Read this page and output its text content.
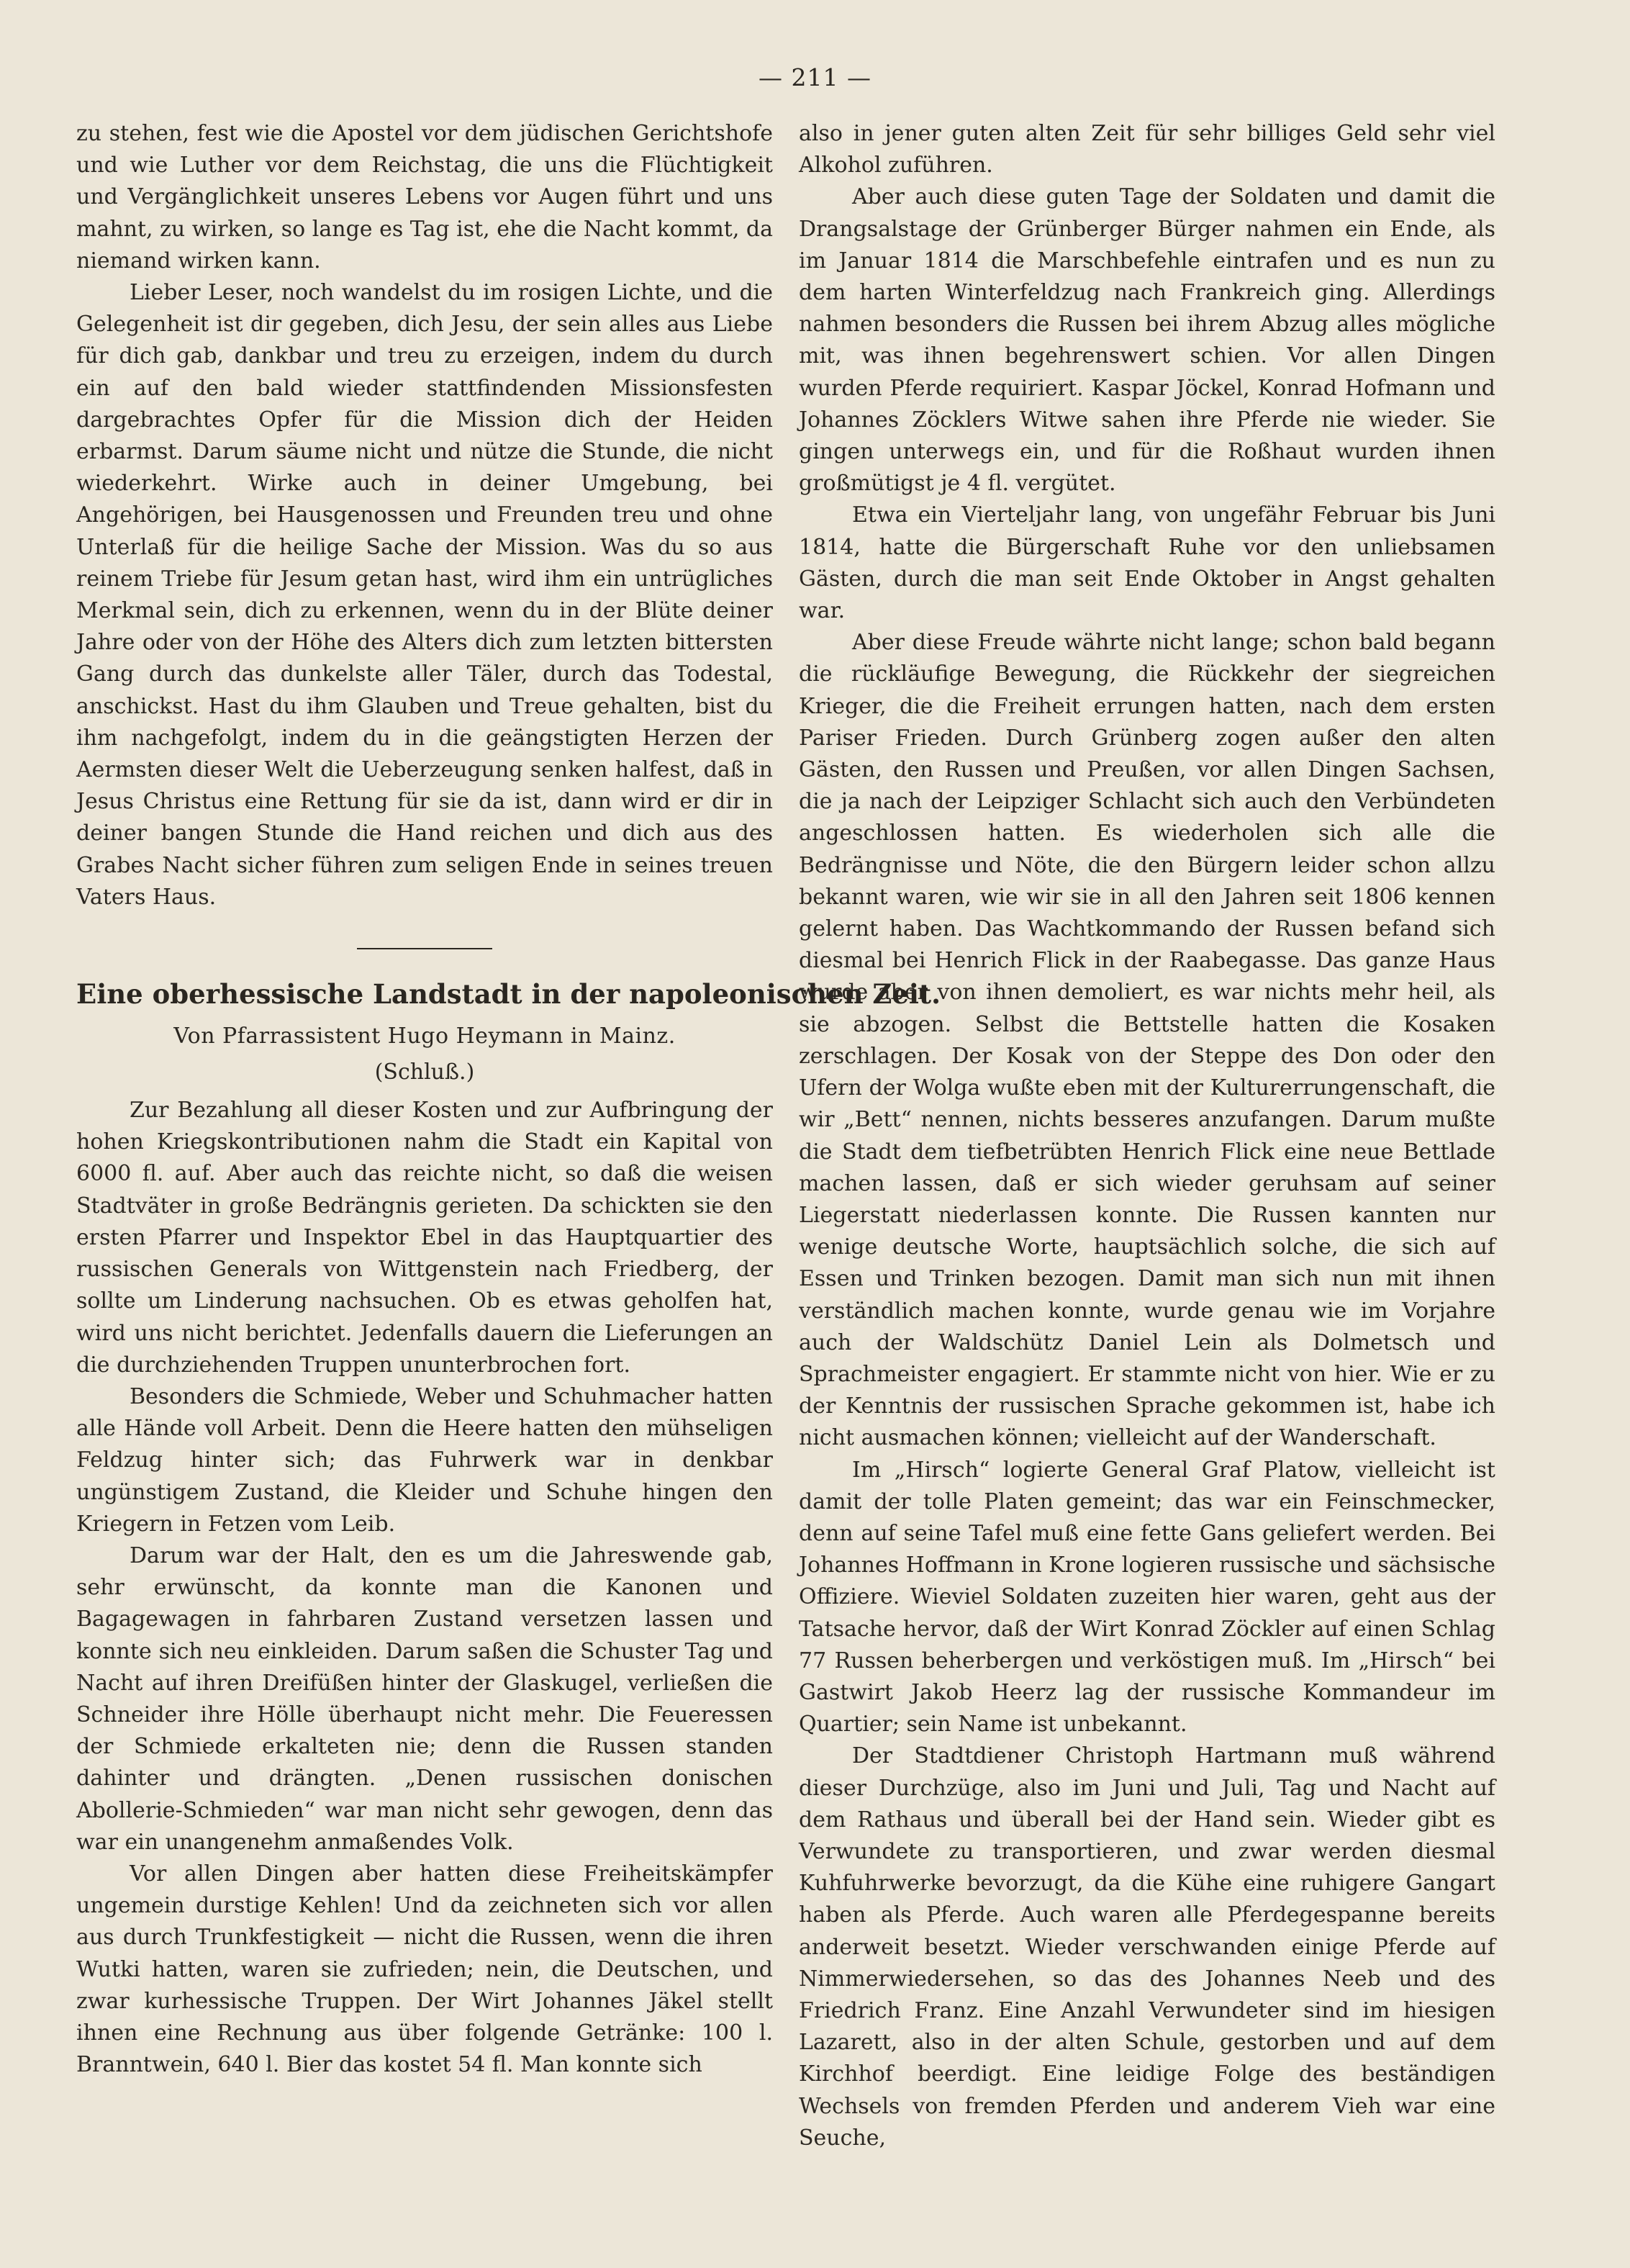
— 211 —

zu stehen, fest wie die Apostel vor dem jüdischen Gerichtshofe und wie Luther vor dem Reichstag, die uns die Flüchtigkeit und Vergänglichkeit unseres Lebens vor Augen führt und uns mahnt, zu wirken, so lange es Tag ist, ehe die Nacht kommt, da niemand wirken kann.

Lieber Leser, noch wandelst du im rosigen Lichte, und die Gelegenheit ist dir gegeben, dich Jesu, der sein alles aus Liebe für dich gab, dankbar und treu zu erzeigen, indem du durch ein auf den bald wieder stattfindenden Missionsfesten dargebrachtes Opfer für die Mission dich der Heiden erbarmst. Darum säume nicht und nütze die Stunde, die nicht wiederkehrt. Wirke auch in deiner Umgebung, bei Angehörigen, bei Hausgenossen und Freunden treu und ohne Unterlaß für die heilige Sache der Mission. Was du so aus reinem Triebe für Jesum getan hast, wird ihm ein untrügliches Merkmal sein, dich zu erkennen, wenn du in der Blüte deiner Jahre oder von der Höhe des Alters dich zum letzten bittersten Gang durch das dunkelste aller Täler, durch das Todestal, anschickst. Hast du ihm Glauben und Treue gehalten, bist du ihm nachgefolgt, indem du in die geängstigten Herzen der Aermsten dieser Welt die Ueberzeugung senken halfest, daß in Jesus Christus eine Rettung für sie da ist, dann wird er dir in deiner bangen Stunde die Hand reichen und dich aus des Grabes Nacht sicher führen zum seligen Ende in seines treuen Vaters Haus.

Eine oberhessische Landstadt in der napoleonischen Zeit.
Von Pfarrassistent Hugo Heymann in Mainz.
(Schluß.)

Zur Bezahlung all dieser Kosten und zur Aufbringung der hohen Kriegskontributionen nahm die Stadt ein Kapital von 6000 fl. auf. Aber auch das reichte nicht, so daß die weisen Stadtväter in große Bedrängnis gerieten. Da schickten sie den ersten Pfarrer und Inspektor Ebel in das Hauptquartier des russischen Generals von Wittgenstein nach Friedberg, der sollte um Linderung nachsuchen. Ob es etwas geholfen hat, wird uns nicht berichtet. Jedenfalls dauern die Lieferungen an die durchziehenden Truppen ununterbrochen fort.

Besonders die Schmiede, Weber und Schuhmacher hatten alle Hände voll Arbeit. Denn die Heere hatten den mühseligen Feldzug hinter sich; das Fuhrwerk war in denkbar ungünstigem Zustand, die Kleider und Schuhe hingen den Kriegern in Fetzen vom Leib.

Darum war der Halt, den es um die Jahreswende gab, sehr erwünscht, da konnte man die Kanonen und Bagagewagen in fahrbaren Zustand versetzen lassen und konnte sich neu einkleiden. Darum saßen die Schuster Tag und Nacht auf ihren Dreifüßen hinter der Glaskugel, verließen die Schneider ihre Hölle überhaupt nicht mehr. Die Feueressen der Schmiede erkalteten nie; denn die Russen standen dahinter und drängten. „Denen russischen donischen Abollerie-Schmieden“ war man nicht sehr gewogen, denn das war ein unangenehm anmaßendes Volk.

Vor allen Dingen aber hatten diese Freiheitskämpfer ungemein durstige Kehlen! Und da zeichneten sich vor allen aus durch Trunkfestigkeit — nicht die Russen, wenn die ihren Wutki hatten, waren sie zufrieden; nein, die Deutschen, und zwar kurhessische Truppen. Der Wirt Johannes Jäkel stellt ihnen eine Rechnung aus über folgende Getränke: 100 l. Branntwein, 640 l. Bier das kostet 54 fl. Man konnte sich

also in jener guten alten Zeit für sehr billiges Geld sehr viel Alkohol zuführen.

Aber auch diese guten Tage der Soldaten und damit die Drangsalstage der Grünberger Bürger nahmen ein Ende, als im Januar 1814 die Marschbefehle eintrafen und es nun zu dem harten Winterfeldzug nach Frankreich ging. Allerdings nahmen besonders die Russen bei ihrem Abzug alles mögliche mit, was ihnen begehrenswert schien. Vor allen Dingen wurden Pferde requiriert. Kaspar Jöckel, Konrad Hofmann und Johannes Zöcklers Witwe sahen ihre Pferde nie wieder. Sie gingen unterwegs ein, und für die Roßhaut wurden ihnen großmütigst je 4 fl. vergütet.

Etwa ein Vierteljahr lang, von ungefähr Februar bis Juni 1814, hatte die Bürgerschaft Ruhe vor den unliebsamen Gästen, durch die man seit Ende Oktober in Angst gehalten war.

Aber diese Freude währte nicht lange; schon bald begann die rückläufige Bewegung, die Rückkehr der siegreichen Krieger, die die Freiheit errungen hatten, nach dem ersten Pariser Frieden. Durch Grünberg zogen außer den alten Gästen, den Russen und Preußen, vor allen Dingen Sachsen, die ja nach der Leipziger Schlacht sich auch den Verbündeten angeschlossen hatten. Es wiederholen sich alle die Bedrängnisse und Nöte, die den Bürgern leider schon allzu bekannt waren, wie wir sie in all den Jahren seit 1806 kennen gelernt haben. Das Wachtkommando der Russen befand sich diesmal bei Henrich Flick in der Raabegasse. Das ganze Haus wurde aber von ihnen demoliert, es war nichts mehr heil, als sie abzogen. Selbst die Bettstelle hatten die Kosaken zerschlagen. Der Kosak von der Steppe des Don oder den Ufern der Wolga wußte eben mit der Kulturerrungenschaft, die wir „Bett“ nennen, nichts besseres anzufangen. Darum mußte die Stadt dem tiefbetrübten Henrich Flick eine neue Bettlade machen lassen, daß er sich wieder geruhsam auf seiner Liegerstatt niederlassen konnte. Die Russen kannten nur wenige deutsche Worte, hauptsächlich solche, die sich auf Essen und Trinken bezogen. Damit man sich nun mit ihnen verständlich machen konnte, wurde genau wie im Vorjahre auch der Waldschütz Daniel Lein als Dolmetsch und Sprachmeister engagiert. Er stammte nicht von hier. Wie er zu der Kenntnis der russischen Sprache gekommen ist, habe ich nicht ausmachen können; vielleicht auf der Wanderschaft.

Im „Hirsch“ logierte General Graf Platow, vielleicht ist damit der tolle Platen gemeint; das war ein Feinschmecker, denn auf seine Tafel muß eine fette Gans geliefert werden. Bei Johannes Hoffmann in Krone logieren russische und sächsische Offiziere. Wieviel Soldaten zuzeiten hier waren, geht aus der Tatsache hervor, daß der Wirt Konrad Zöckler auf einen Schlag 77 Russen beherbergen und verköstigen muß. Im „Hirsch“ bei Gastwirt Jakob Heerz lag der russische Kommandeur im Quartier; sein Name ist unbekannt.

Der Stadtdiener Christoph Hartmann muß während dieser Durchzüge, also im Juni und Juli, Tag und Nacht auf dem Rathaus und überall bei der Hand sein. Wieder gibt es Verwundete zu transportieren, und zwar werden diesmal Kuhfuhrwerke bevorzugt, da die Kühe eine ruhigere Gangart haben als Pferde. Auch waren alle Pferdegespanne bereits anderweit besetzt. Wieder verschwanden einige Pferde auf Nimmerwiedersehen, so das des Johannes Neeb und des Friedrich Franz. Eine Anzahl Verwundeter sind im hiesigen Lazarett, also in der alten Schule, gestorben und auf dem Kirchhof beerdigt. Eine leidige Folge des beständigen Wechsels von fremden Pferden und anderem Vieh war eine Seuche,
